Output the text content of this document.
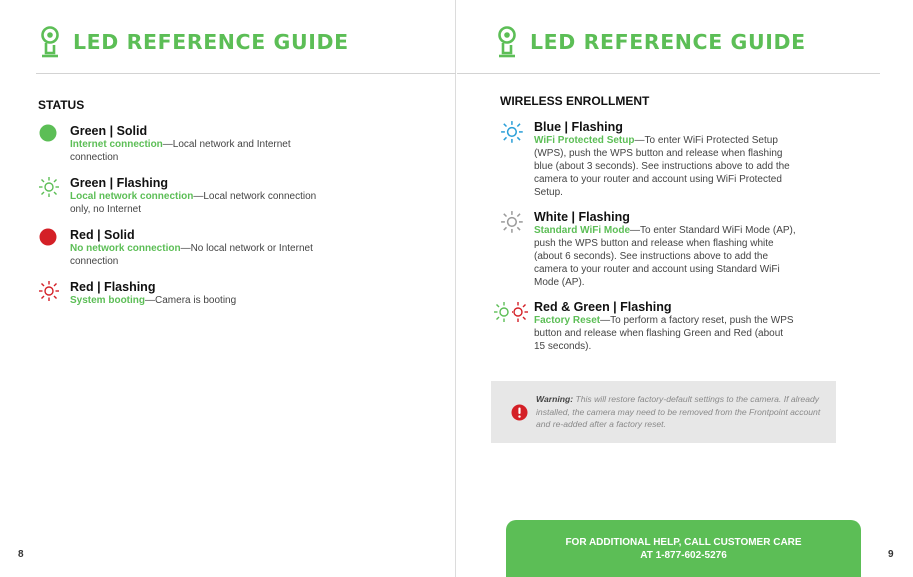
LED REFERENCE GUIDE
STATUS
Green | Solid
Internet connection—Local network and Internet connection
Green | Flashing
Local network connection—Local network connection only, no Internet
Red | Solid
No network connection—No local network or Internet connection
Red | Flashing
System booting—Camera is booting
8
LED REFERENCE GUIDE
WIRELESS ENROLLMENT
Blue | Flashing
WiFi Protected Setup—To enter WiFi Protected Setup (WPS), push the WPS button and release when flashing blue (about 3 seconds). See instructions above to add the camera to your router and account using WiFi Protected Setup.
White | Flashing
Standard WiFi Mode—To enter Standard WiFi Mode (AP), push the WPS button and release when flashing white (about 6 seconds). See instructions above to add the camera to your router and account using Standard WiFi Mode (AP).
Red & Green | Flashing
Factory Reset—To perform a factory reset, push the WPS button and release when flashing Green and Red (about 15 seconds).
Warning: This will restore factory-default settings to the camera. If already installed, the camera may need to be removed from the Frontpoint account and re-added after a factory reset.
FOR ADDITIONAL HELP, CALL CUSTOMER CARE
AT 1-877-602-5276	9
